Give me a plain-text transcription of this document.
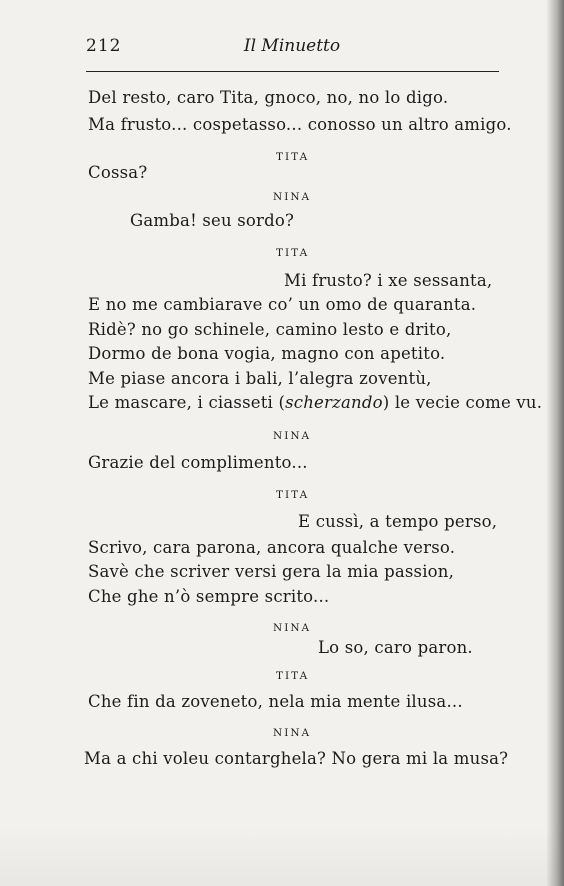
212	Il Minuetto
Del resto, caro Tita, gnoco, no, no lo digo.
Ma frusto... cospetasso... conosso un altro amigo.
TITA
Cossa?
NINA
Gamba! seu sordo?
TITA
Mi frusto? i xe sessanta,
E no me cambiarave co’ un omo de quaranta.
Ridè? no go schinele, camino lesto e drito,
Dormo de bona vogia, magno con apetito.
Me piase ancora i bali, l’alegra zoventù,
Le mascare, i ciasseti (scherzando) le vecie come vu.
NINA
Grazie del complimento...
TITA
E cussì, a tempo perso,
Scrivo, cara parona, ancora qualche verso.
Savè che scriver versi gera la mia passion,
Che ghe n’ò sempre scrito...
NINA
Lo so, caro paron.
TITA
Che fin da zoveneto, nela mia mente ilusa...
NINA
Ma a chi voleu contarghela? No gera mi la musa?
